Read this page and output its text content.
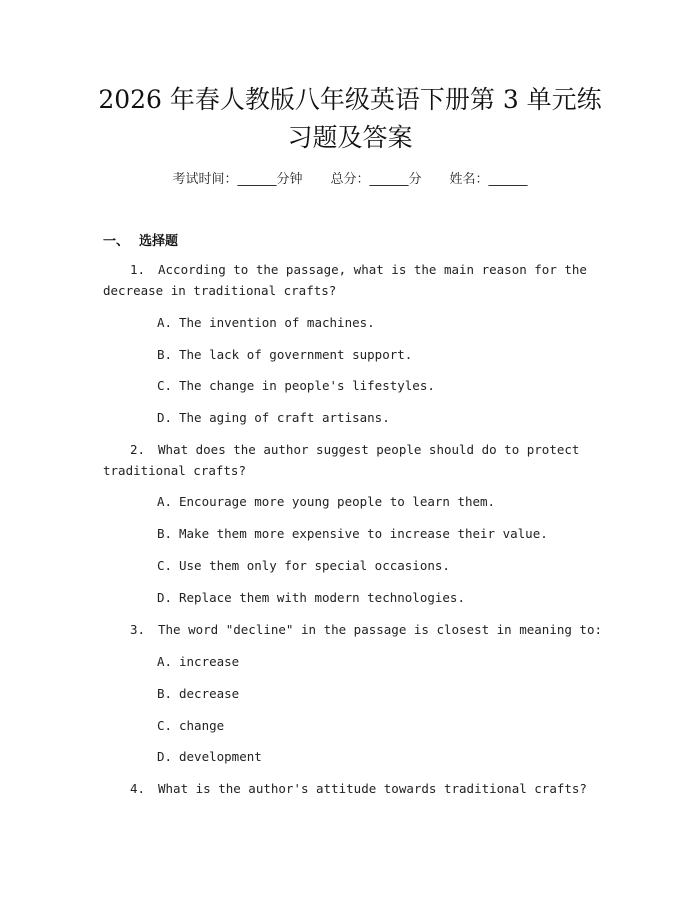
2026 年春人教版八年级英语下册第 3 单元练
习题及答案
考试时间：______分钟 总分：______分 姓名：______
一、 选择题
1. According to the passage, what is the main reason for the
decrease in traditional crafts?
A. The invention of machines.
B. The lack of government support.
C. The change in people's lifestyles.
D. The aging of craft artisans.
2. What does the author suggest people should do to protect
traditional crafts?
A. Encourage more young people to learn them.
B. Make them more expensive to increase their value.
C. Use them only for special occasions.
D. Replace them with modern technologies.
3. The word "decline" in the passage is closest in meaning to:
A. increase
B. decrease
C. change
D. development
4. What is the author's attitude towards traditional crafts?
